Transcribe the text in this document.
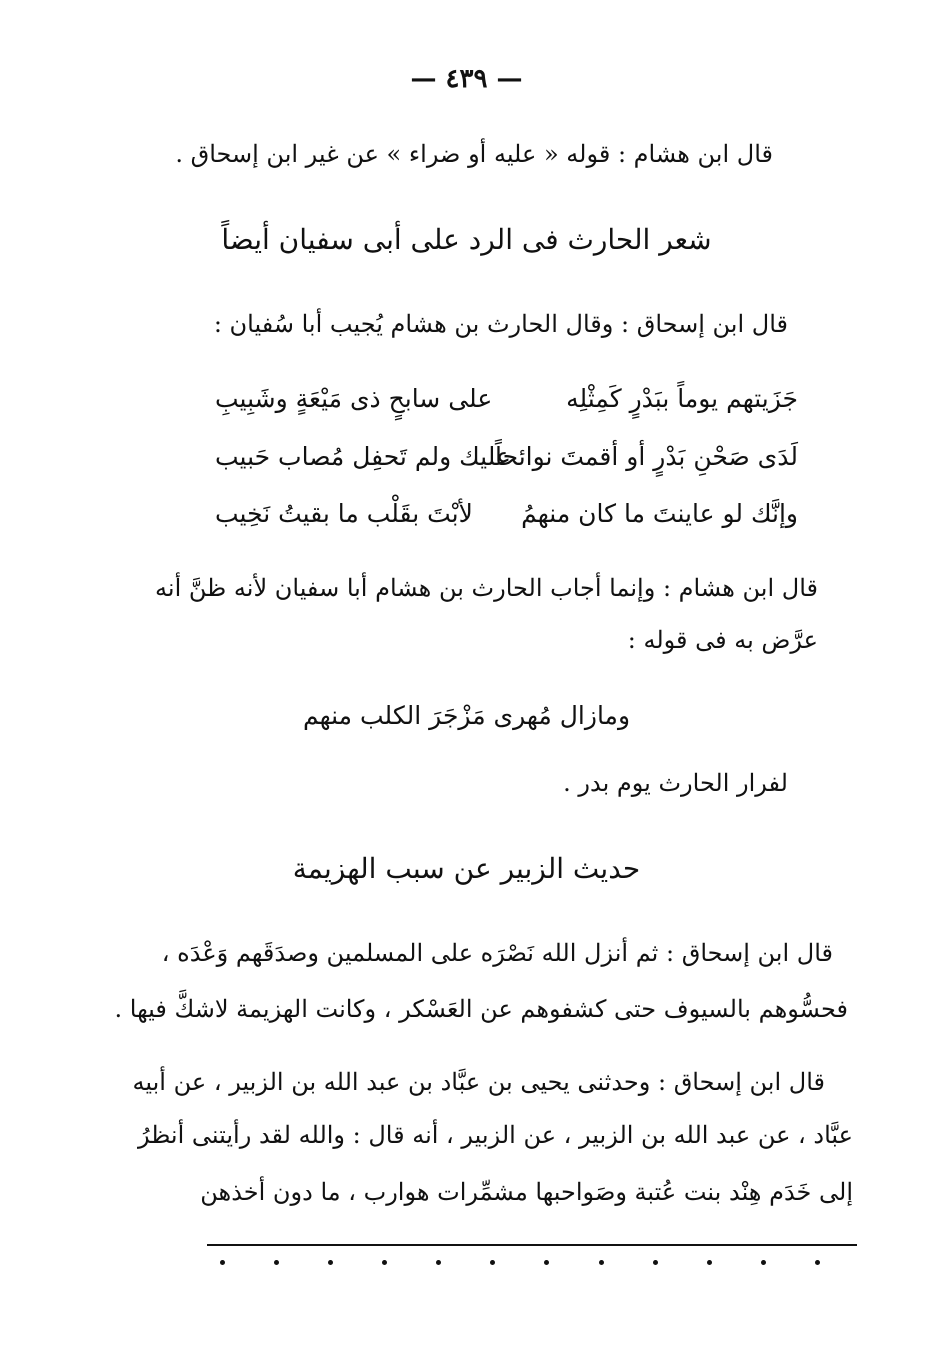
— ٤٣٩ —
قال ابن هشام : قوله « عليه أو ضراء » عن غير ابن إسحاق .
شعر الحارث فى الرد على أبى سفيان أيضاً
قال ابن إسحاق : وقال الحارث بن هشام يُجيب أبا سُفيان :
جَزَيتهم يوماً ببَدْرٍ كَمِثْلِه
على سابحٍ ذى مَيْعَةٍ وشَبِيبِ
لَدَى صَحْنِ بَدْرٍ أو أقمتَ نوائحاً
عليك ولم تَحفِل مُصاب حَبيب
وإنَّك لو عاينتَ ما كان منهمُ
لأبْتَ بقَلْب ما بقيتُ نَخِيب
قال ابن هشام : وإنما أجاب الحارث بن هشام أبا سفيان لأنه ظنَّ أنه
عرَّض به فى قوله :
ومازال مُهرى مَزْجَرَ الكلب منهم
لفرار الحارث يوم بدر .
حديث الزبير عن سبب الهزيمة
قال ابن إسحاق : ثم أنزل الله نَصْرَه على المسلمين وصدَقَهم وَعْدَه ،
فحسُّوهم بالسيوف حتى كشفوهم عن العَسْكر ، وكانت الهزيمة لاشكَّ فيها .
قال ابن إسحاق : وحدثنى يحيى بن عبَّاد بن عبد الله بن الزبير ، عن أبيه
عبَّاد ، عن عبد الله بن الزبير ، عن الزبير ، أنه قال : والله لقد رأيتنى أنظرُ
إلى خَدَم هِنْد بنت عُتبة وصَواحبها مشمِّرات هوارب ، ما دون أخذهن
